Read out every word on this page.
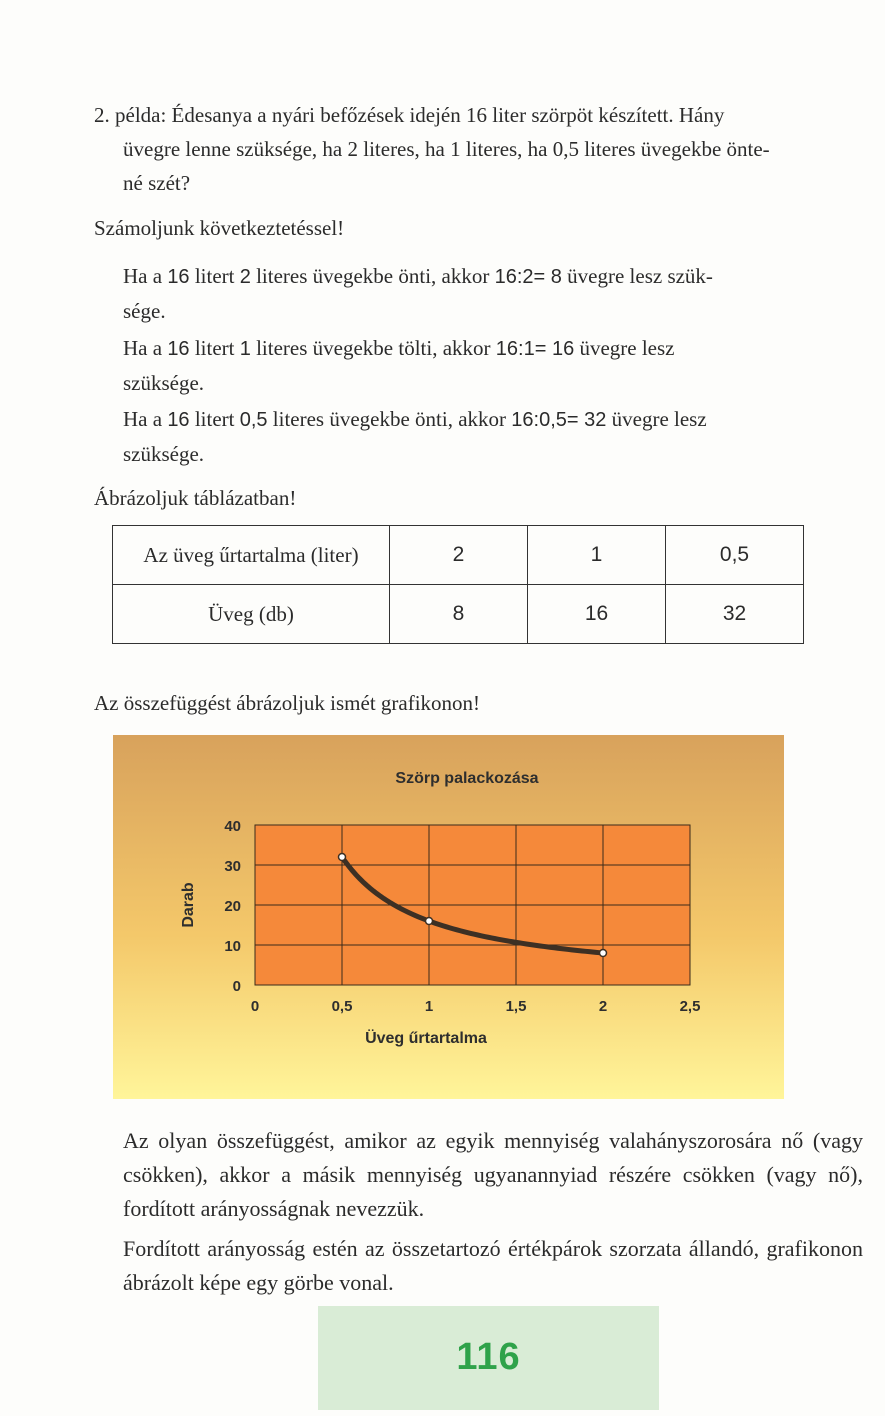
2. példa: Édesanya a nyári befőzések idején 16 liter szörpöt készített. Hány
üvegre lenne szüksége, ha 2 literes, ha 1 literes, ha 0,5 literes üvegekbe önte-
né szét?

Számoljunk következtetéssel!

Ha a 16 litert 2 literes üvegekbe önti, akkor 16:2= 8 üvegre lesz szük-
sége.

Ha a 16 litert 1 literes üvegekbe tölti, akkor 16:1= 16 üvegre lesz
szüksége.

Ha a 16 litert 0,5 literes üvegekbe önti, akkor 16:0,5= 32 üvegre lesz
szüksége.

Ábrázoljuk táblázatban!

Az üveg űrtartalma (liter)	2	1	0,5
Üveg (db)	8	16	32

Az összefüggést ábrázoljuk ismét grafikonon!

Szörp palackozása
0
10
20
30
40
0	0,5	1	1,5	2	2,5
Üveg űrtartalma
Darab

Az olyan összefüggést, amikor az egyik mennyiség valahányszorosára nő (vagy csökken), akkor a másik mennyiség ugyanannyiad részére csökken (vagy nő), fordított arányosságnak nevezzük.

Fordított arányosság estén az összetartozó értékpárok szorzata állandó, grafikonon ábrázolt képe egy görbe vonal.

116
